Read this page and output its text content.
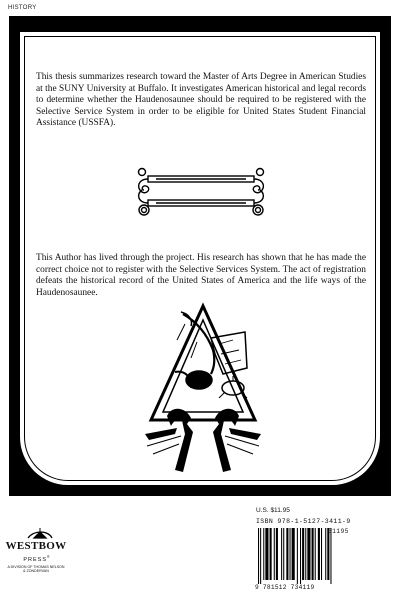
HISTORY
This thesis summarizes research toward the Master of Arts Degree in American Studies at the SUNY University at Buffalo. It investigates American historical and legal records to determine whether the Haudenosaunee should be required to be registered with the Selective Service System in order to be eligible for United States Student Financial Assistance (USSFA).
This Author has lived through the project. His research has shown that he has made the correct choice not to register with the Selective Services System. The act of registration defeats the historical record of the United States of America and the life ways of the Haudenosaunee.
U.S. $11.95
ISBN 978-1-5127-3411-9
51195
9 781512 734119
WESTBOW
PRESS®
A DIVISION OF THOMAS NELSON
& ZONDERVAN
